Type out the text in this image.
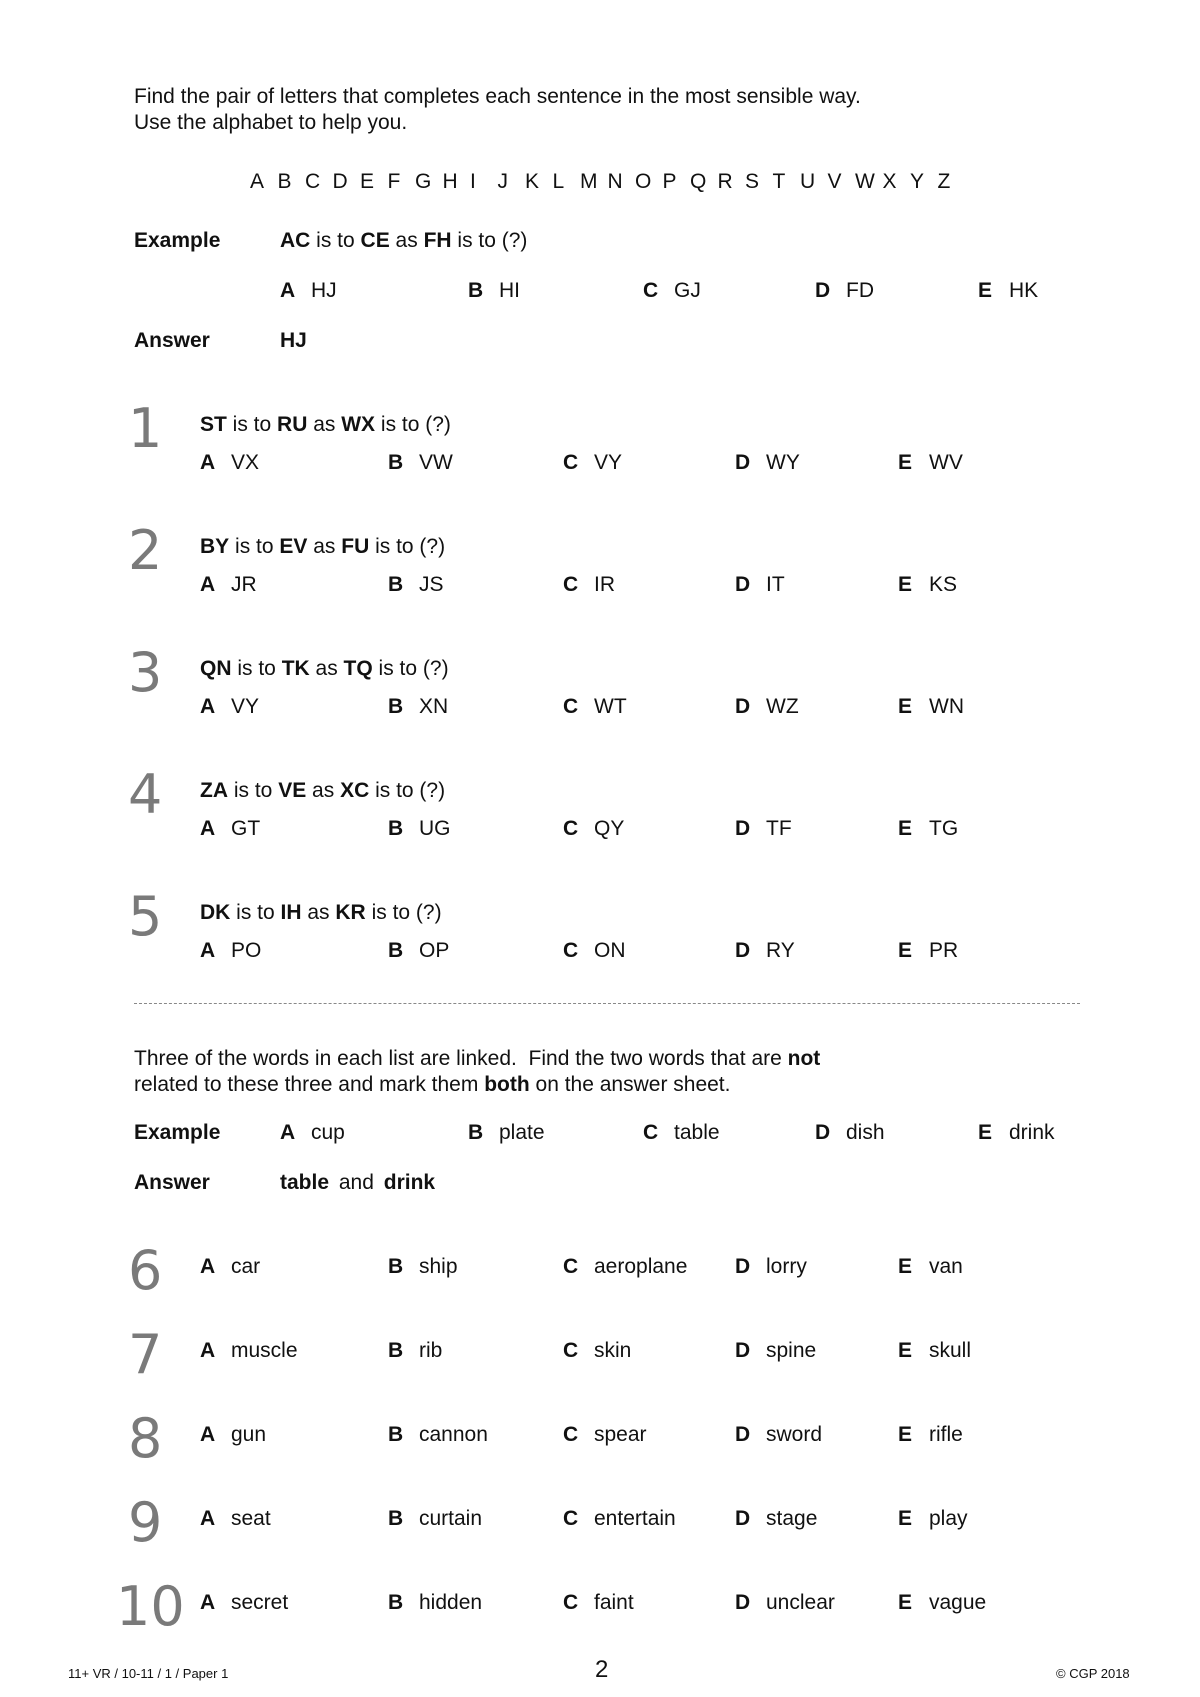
Find the pair of letters that completes each sentence in the most sensible way.
Use the alphabet to help you.
A B C D E F G H I J K L M N O P Q R S T U V W X Y Z
Example	AC is to CE as FH is to (?)
A HJ	B HI	C GJ	D FD	E HK
Answer	HJ
1 ST is to RU as WX is to (?)
A VX	B VW	C VY	D WY	E WV
2 BY is to EV as FU is to (?)
A JR	B JS	C IR	D IT	E KS
3 QN is to TK as TQ is to (?)
A VY	B XN	C WT	D WZ	E WN
4 ZA is to VE as XC is to (?)
A GT	B UG	C QY	D TF	E TG
5 DK is to IH as KR is to (?)
A PO	B OP	C ON	D RY	E PR
Three of the words in each list are linked.  Find the two words that are not
related to these three and mark them both on the answer sheet.
Example	A cup	B plate	C table	D dish	E drink
Answer	table and drink
6 A car	B ship	C aeroplane D lorry	E van
7 A muscle	B rib	C skin	D spine	E skull
8 A gun	B cannon	C spear	D sword	E rifle
9 A seat	B curtain	C entertain	D stage	E play
10 A secret	B hidden	C faint	D unclear	E vague
11+ VR / 10-11 / 1 / Paper 1	2	© CGP 2018
